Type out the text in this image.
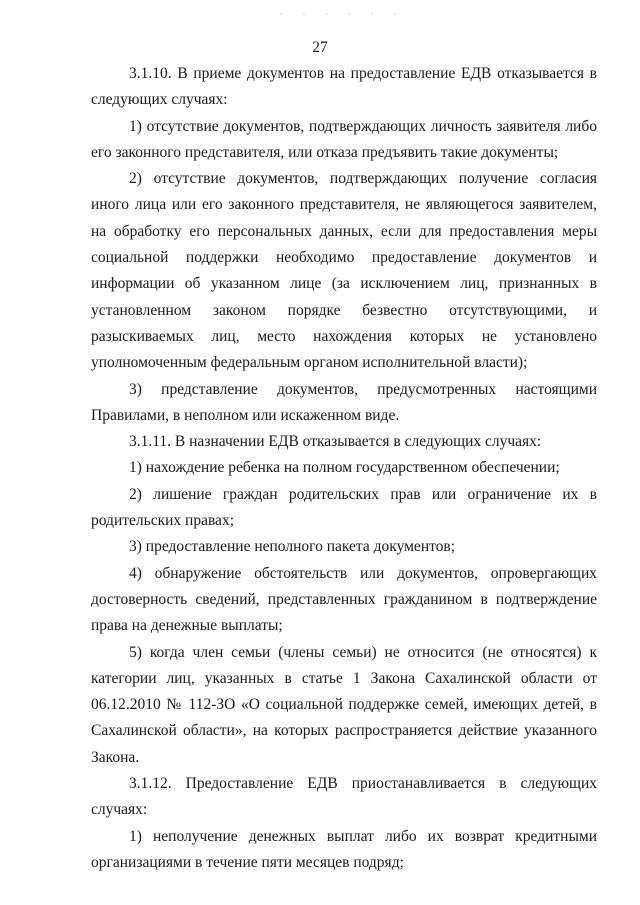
· · · · · ·
27

3.1.10. В приеме документов на предоставление ЕДВ отказывается в следующих случаях:

1) отсутствие документов, подтверждающих личность заявителя либо его законного представителя, или отказа предъявить такие документы;

2) отсутствие документов, подтверждающих получение согласия иного лица или его законного представителя, не являющегося заявителем, на обработку его персональных данных, если для предоставления меры социальной поддержки необходимо предоставление документов и информации об указанном лице (за исключением лиц, признанных в установленном законом порядке безвестно отсутствующими, и разыскиваемых лиц, место нахождения которых не установлено уполномоченным федеральным органом исполнительной власти);

3) представление документов, предусмотренных настоящими Правилами, в неполном или искаженном виде.

3.1.11. В назначении ЕДВ отказывается в следующих случаях:

1) нахождение ребенка на полном государственном обеспечении;

2) лишение граждан родительских прав или ограничение их в родительских правах;

3) предоставление неполного пакета документов;

4) обнаружение обстоятельств или документов, опровергающих достоверность сведений, представленных гражданином в подтверждение права на денежные выплаты;

5) когда член семьи (члены семьи) не относится (не относятся) к категории лиц, указанных в статье 1 Закона Сахалинской области от 06.12.2010 № 112-ЗО «О социальной поддержке семей, имеющих детей, в Сахалинской области», на которых распространяется действие указанного Закона.

3.1.12. Предоставление ЕДВ приостанавливается в следующих случаях:

1) неполучение денежных выплат либо их возврат кредитными организациями в течение пяти месяцев подряд;
